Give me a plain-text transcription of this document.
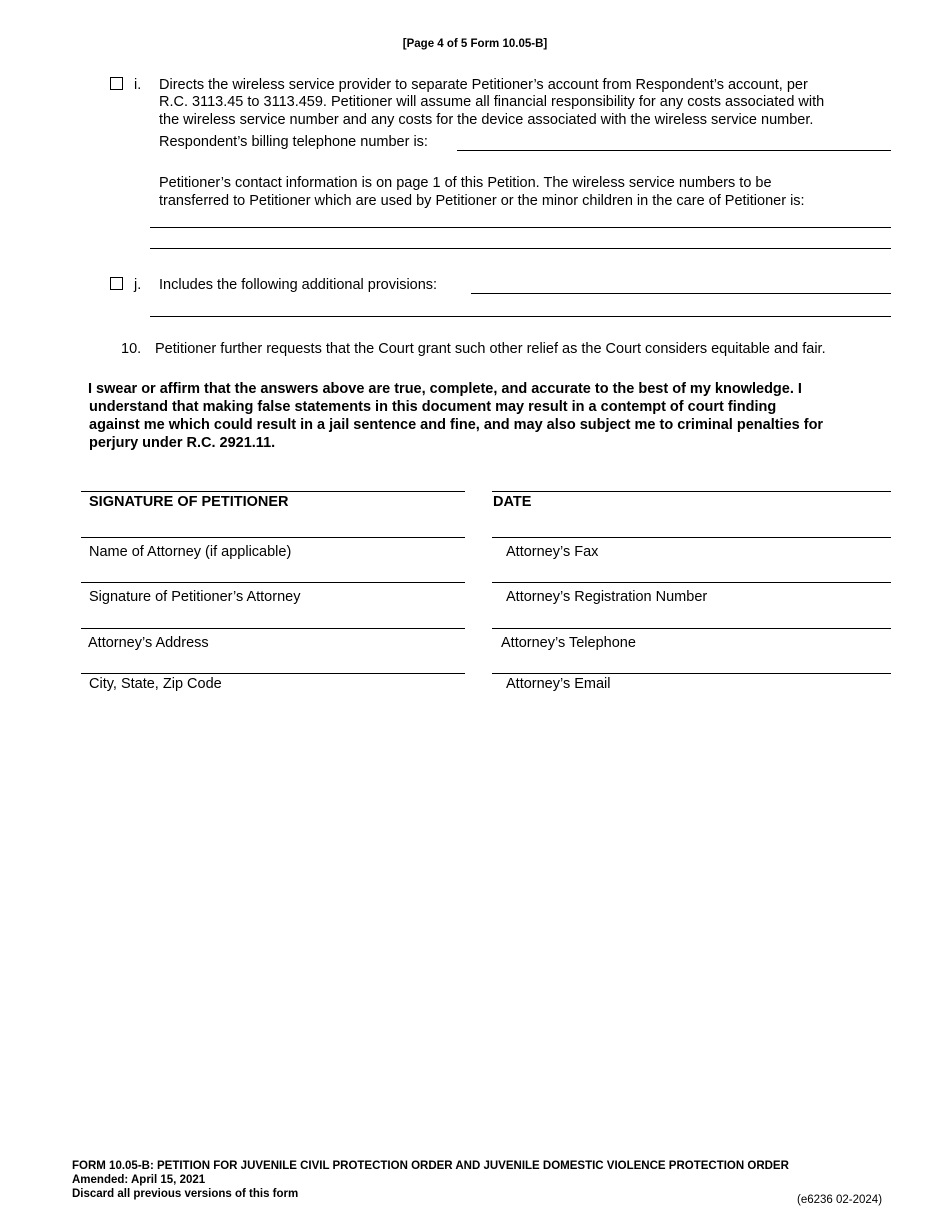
[Page 4 of 5 Form 10.05-B]
i. Directs the wireless service provider to separate Petitioner’s account from Respondent’s account, per
R.C. 3113.45 to 3113.459. Petitioner will assume all financial responsibility for any costs associated with
the wireless service number and any costs for the device associated with the wireless service number.
Respondent’s billing telephone number is:
Petitioner’s contact information is on page 1 of this Petition. The wireless service numbers to be
transferred to Petitioner which are used by Petitioner or the minor children in the care of Petitioner is:
j. Includes the following additional provisions:
10. Petitioner further requests that the Court grant such other relief as the Court considers equitable and fair.
I swear or affirm that the answers above are true, complete, and accurate to the best of my knowledge. I
understand that making false statements in this document may result in a contempt of court finding
against me which could result in a jail sentence and fine, and may also subject me to criminal penalties for
perjury under R.C. 2921.11.
SIGNATURE OF PETITIONER
Name of Attorney (if applicable)
Signature of Petitioner’s Attorney
Attorney’s Address
City, State, Zip Code
DATE
Attorney’s Fax
Attorney’s Registration Number
Attorney’s Telephone
Attorney’s Email
FORM 10.05-B: PETITION FOR JUVENILE CIVIL PROTECTION ORDER AND JUVENILE DOMESTIC VIOLENCE PROTECTION ORDER
Amended: April 15, 2021
Discard all previous versions of this form	(e6236 02-2024)
